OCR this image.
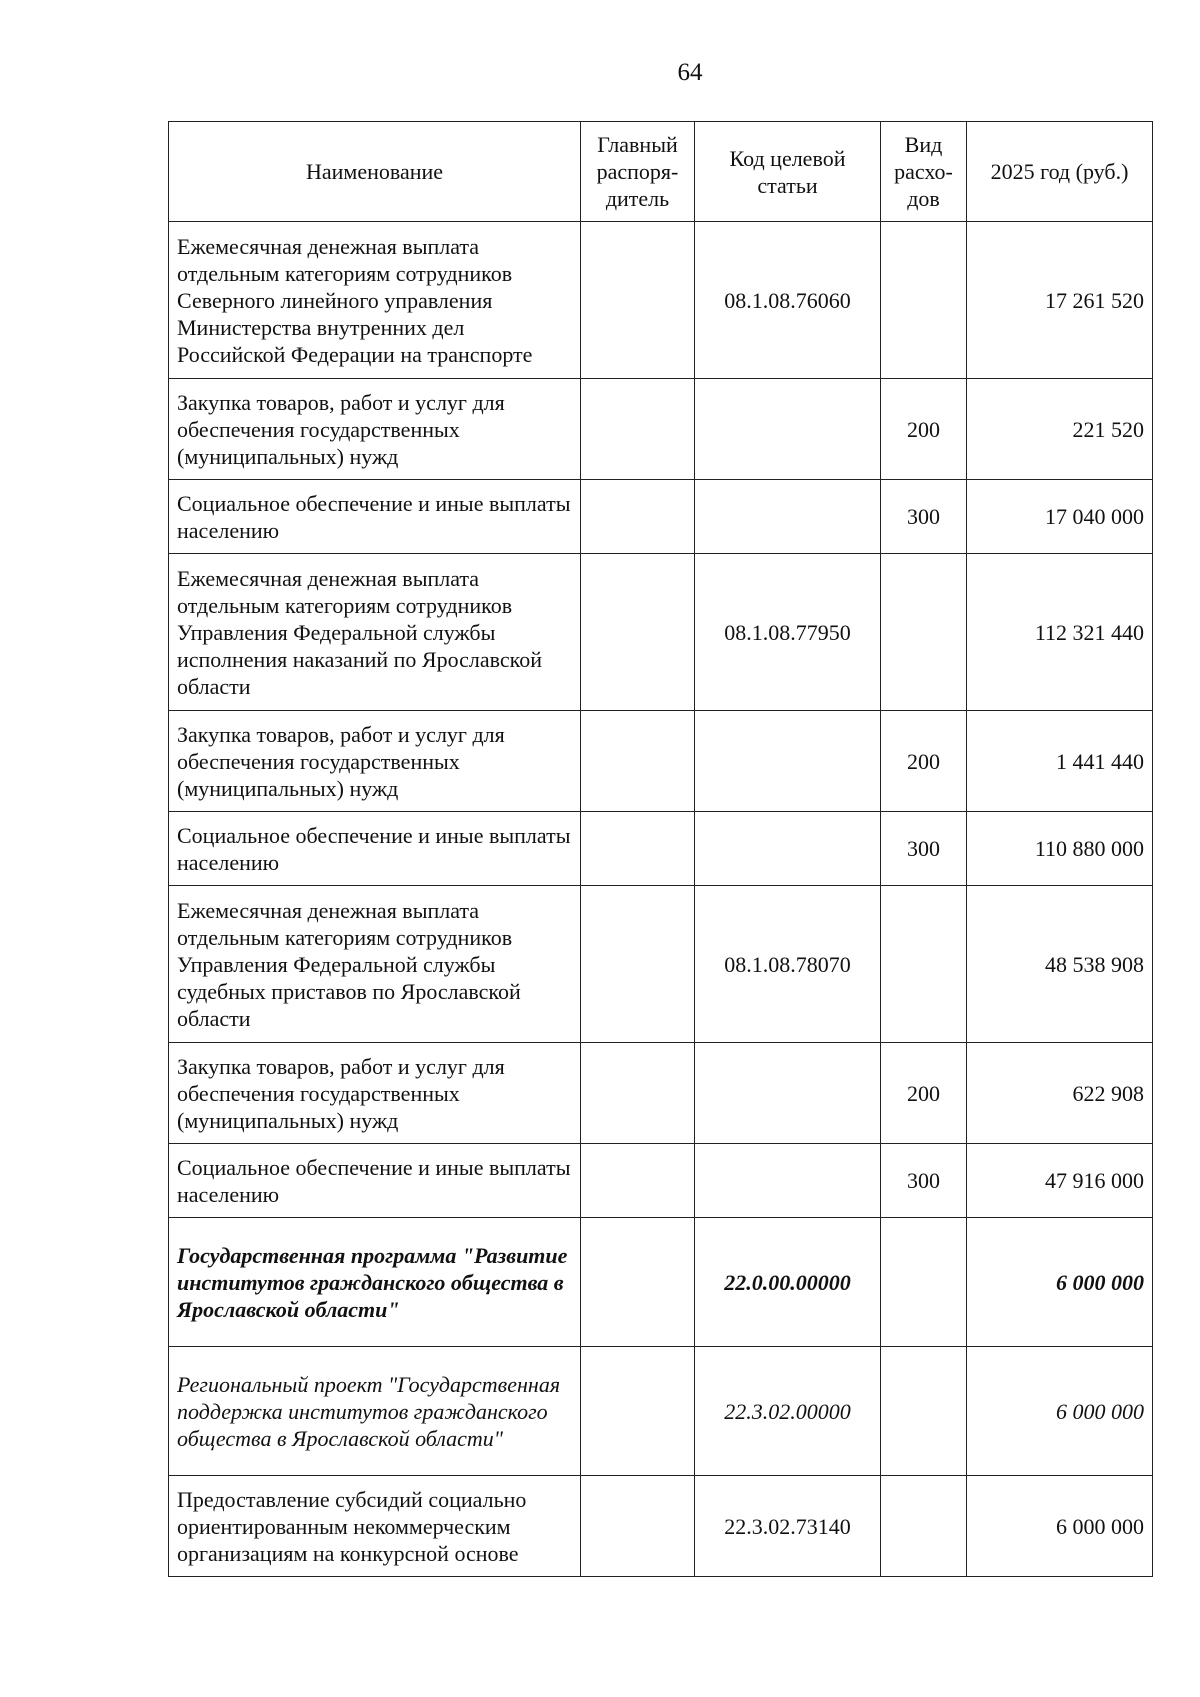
64
Наименование	Главный распоря-дитель	Код целевой статьи	Вид расхо-дов	2025 год (руб.)
Ежемесячная денежная выплата отдельным категориям сотрудников Северного линейного управления Министерства внутренних дел Российской Федерации на транспорте		08.1.08.76060		17 261 520
Закупка товаров, работ и услуг для обеспечения государственных (муниципальных) нужд			200	221 520
Социальное обеспечение и иные выплаты населению			300	17 040 000
Ежемесячная денежная выплата отдельным категориям сотрудников Управления Федеральной службы исполнения наказаний по Ярославской области		08.1.08.77950		112 321 440
Закупка товаров, работ и услуг для обеспечения государственных (муниципальных) нужд			200	1 441 440
Социальное обеспечение и иные выплаты населению			300	110 880 000
Ежемесячная денежная выплата отдельным категориям сотрудников Управления Федеральной службы судебных приставов по Ярославской области		08.1.08.78070		48 538 908
Закупка товаров, работ и услуг для обеспечения государственных (муниципальных) нужд			200	622 908
Социальное обеспечение и иные выплаты населению			300	47 916 000
Государственная программа "Развитие институтов гражданского общества в Ярославской области"		22.0.00.00000		6 000 000
Региональный проект "Государственная поддержка институтов гражданского общества в Ярославской области"		22.3.02.00000		6 000 000
Предоставление субсидий социально ориентированным некоммерческим организациям на конкурсной основе		22.3.02.73140		6 000 000
